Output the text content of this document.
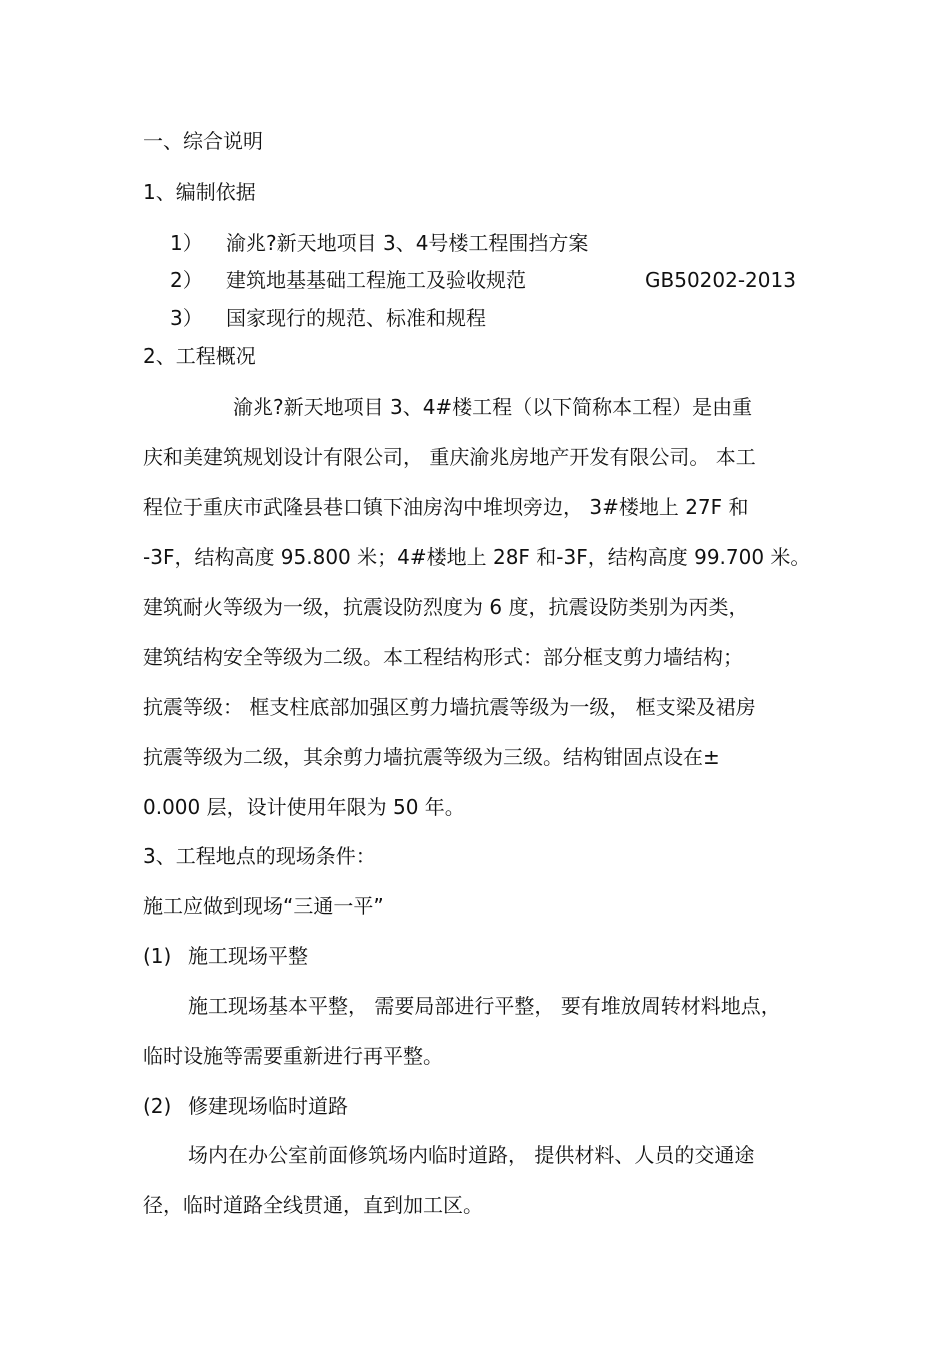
一、综合说明
1、编制依据
1） 渝兆?新天地项目 3、4号楼工程围挡方案
2） 建筑地基基础工程施工及验收规范	GB50202-2013
3） 国家现行的规范、标准和规程
2、工程概况
渝兆?新天地项目 3、4#楼工程（以下简称本工程）是由重
庆和美建筑规划设计有限公司， 重庆渝兆房地产开发有限公司。 本工
程位于重庆市武隆县巷口镇下油房沟中堆坝旁边， 3#楼地上 27F 和
-3F，结构高度 95.800 米；4#楼地上 28F 和-3F，结构高度 99.700 米。
建筑耐火等级为一级，抗震设防烈度为 6 度，抗震设防类别为丙类，
建筑结构安全等级为二级。本工程结构形式：部分框支剪力墙结构；
抗震等级： 框支柱底部加强区剪力墙抗震等级为一级， 框支梁及裙房
抗震等级为二级，其余剪力墙抗震等级为三级。结构钳固点设在±
0.000 层，设计使用年限为 50 年。
3、工程地点的现场条件：
施工应做到现场“三通一平”
(1) 施工现场平整
施工现场基本平整， 需要局部进行平整， 要有堆放周转材料地点，
临时设施等需要重新进行再平整。
(2) 修建现场临时道路
场内在办公室前面修筑场内临时道路， 提供材料、人员的交通途
径，临时道路全线贯通，直到加工区。
